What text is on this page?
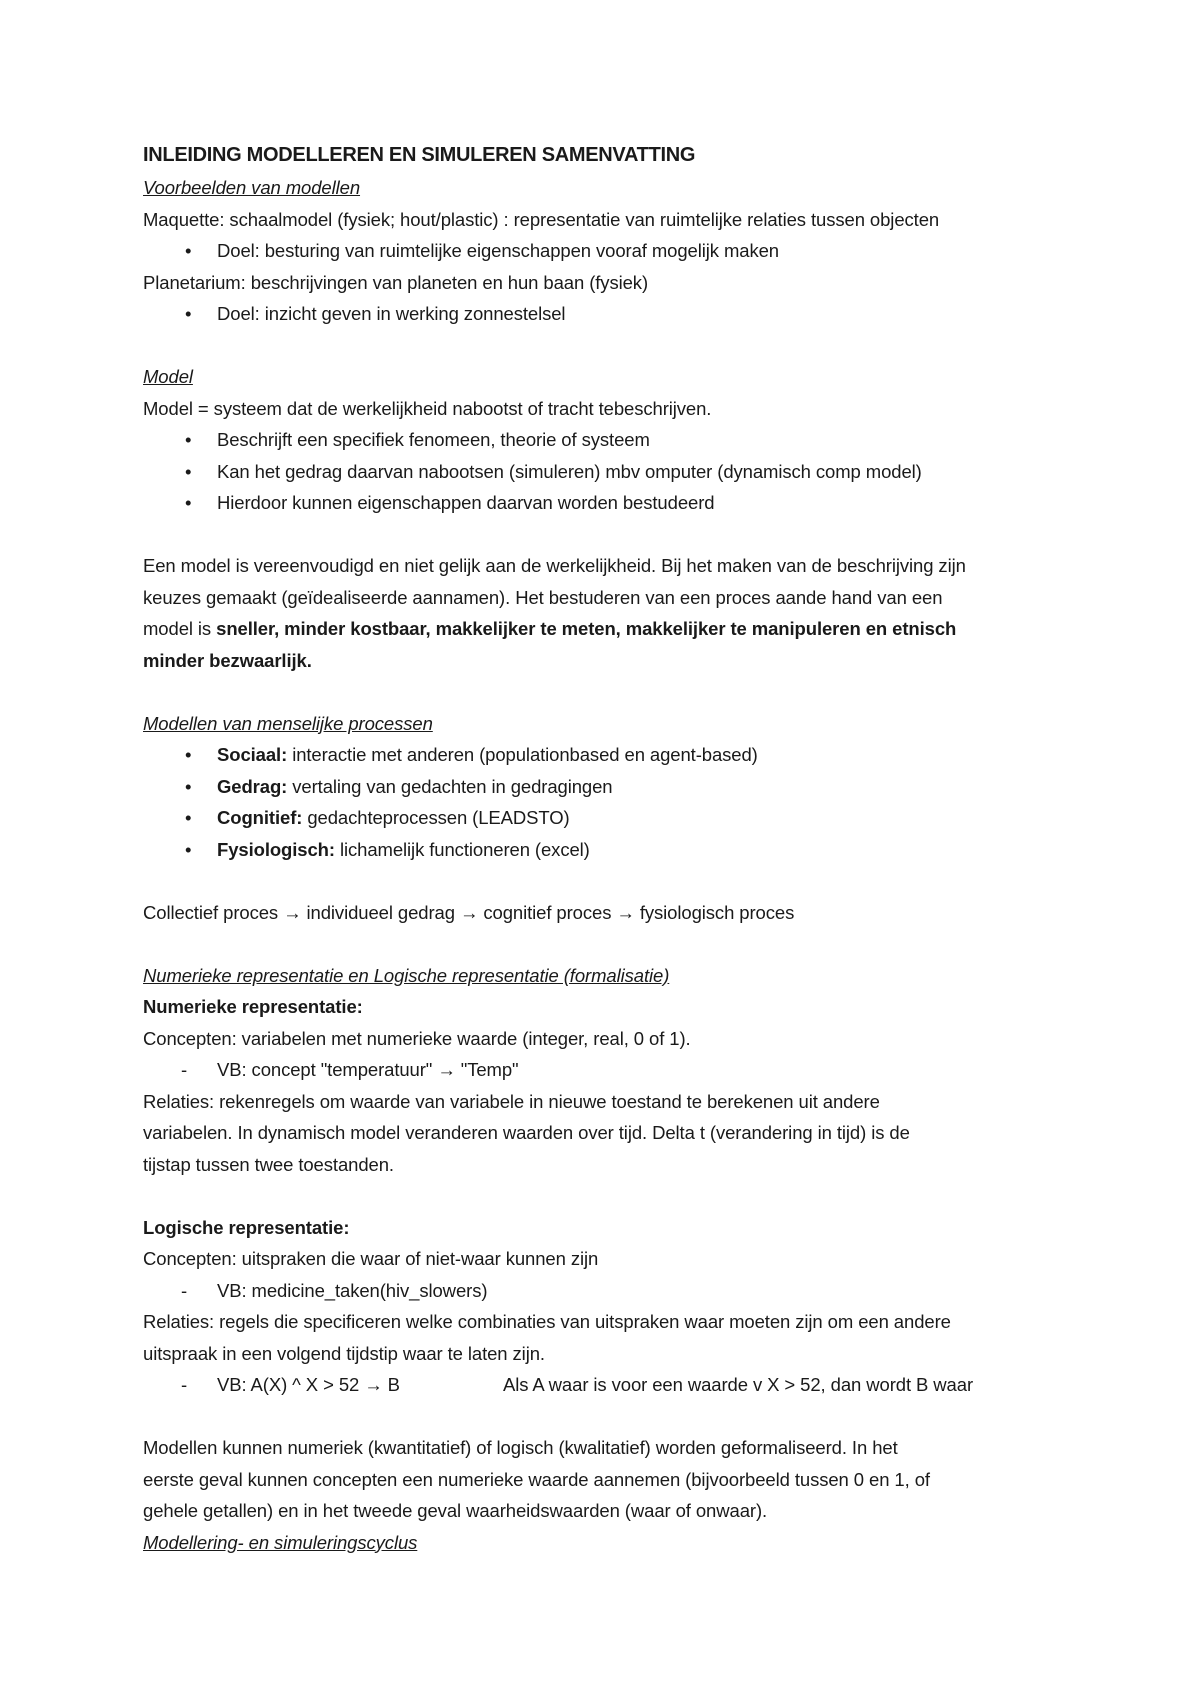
INLEIDING MODELLEREN EN SIMULEREN SAMENVATTING
Voorbeelden van modellen
Maquette: schaalmodel (fysiek; hout/plastic) : representatie van ruimtelijke relaties tussen objecten
• Doel: besturing van ruimtelijke eigenschappen vooraf mogelijk maken
Planetarium: beschrijvingen van planeten en hun baan (fysiek)
• Doel: inzicht geven in werking zonnestelsel
Model
Model = systeem dat de werkelijkheid nabootst of tracht tebeschrijven.
• Beschrijft een specifiek fenomeen, theorie of systeem
• Kan het gedrag daarvan nabootsen (simuleren) mbv omputer (dynamisch comp model)
• Hierdoor kunnen eigenschappen daarvan worden bestudeerd
Een model is vereenvoudigd en niet gelijk aan de werkelijkheid. Bij het maken van de beschrijving zijn
keuzes gemaakt (geïdealiseerde aannamen). Het bestuderen van een proces aande hand van een
model is sneller, minder kostbaar, makkelijker te meten, makkelijker te manipuleren en etnisch
minder bezwaarlijk.
Modellen van menselijke processen
• Sociaal: interactie met anderen (populationbased en agent-based)
• Gedrag: vertaling van gedachten in gedragingen
• Cognitief: gedachteprocessen (LEADSTO)
• Fysiologisch: lichamelijk functioneren (excel)
Collectief proces → individueel gedrag → cognitief proces → fysiologisch proces
Numerieke representatie en Logische representatie (formalisatie)
Numerieke representatie:
Concepten: variabelen met numerieke waarde (integer, real, 0 of 1).
- VB: concept "temperatuur" → "Temp"
Relaties: rekenregels om waarde van variabele in nieuwe toestand te berekenen uit andere
variabelen. In dynamisch model veranderen waarden over tijd. Delta t (verandering in tijd) is de
tijstap tussen twee toestanden.
Logische representatie:
Concepten: uitspraken die waar of niet-waar kunnen zijn
- VB: medicine_taken(hiv_slowers)
Relaties: regels die specificeren welke combinaties van uitspraken waar moeten zijn om een andere
uitspraak in een volgend tijdstip waar te laten zijn.
- VB: A(X) ^ X > 52 → B	Als A waar is voor een waarde v X > 52, dan wordt B waar
Modellen kunnen numeriek (kwantitatief) of logisch (kwalitatief) worden geformaliseerd. In het
eerste geval kunnen concepten een numerieke waarde aannemen (bijvoorbeeld tussen 0 en 1, of
gehele getallen) en in het tweede geval waarheidswaarden (waar of onwaar).
Modellering- en simuleringscyclus
